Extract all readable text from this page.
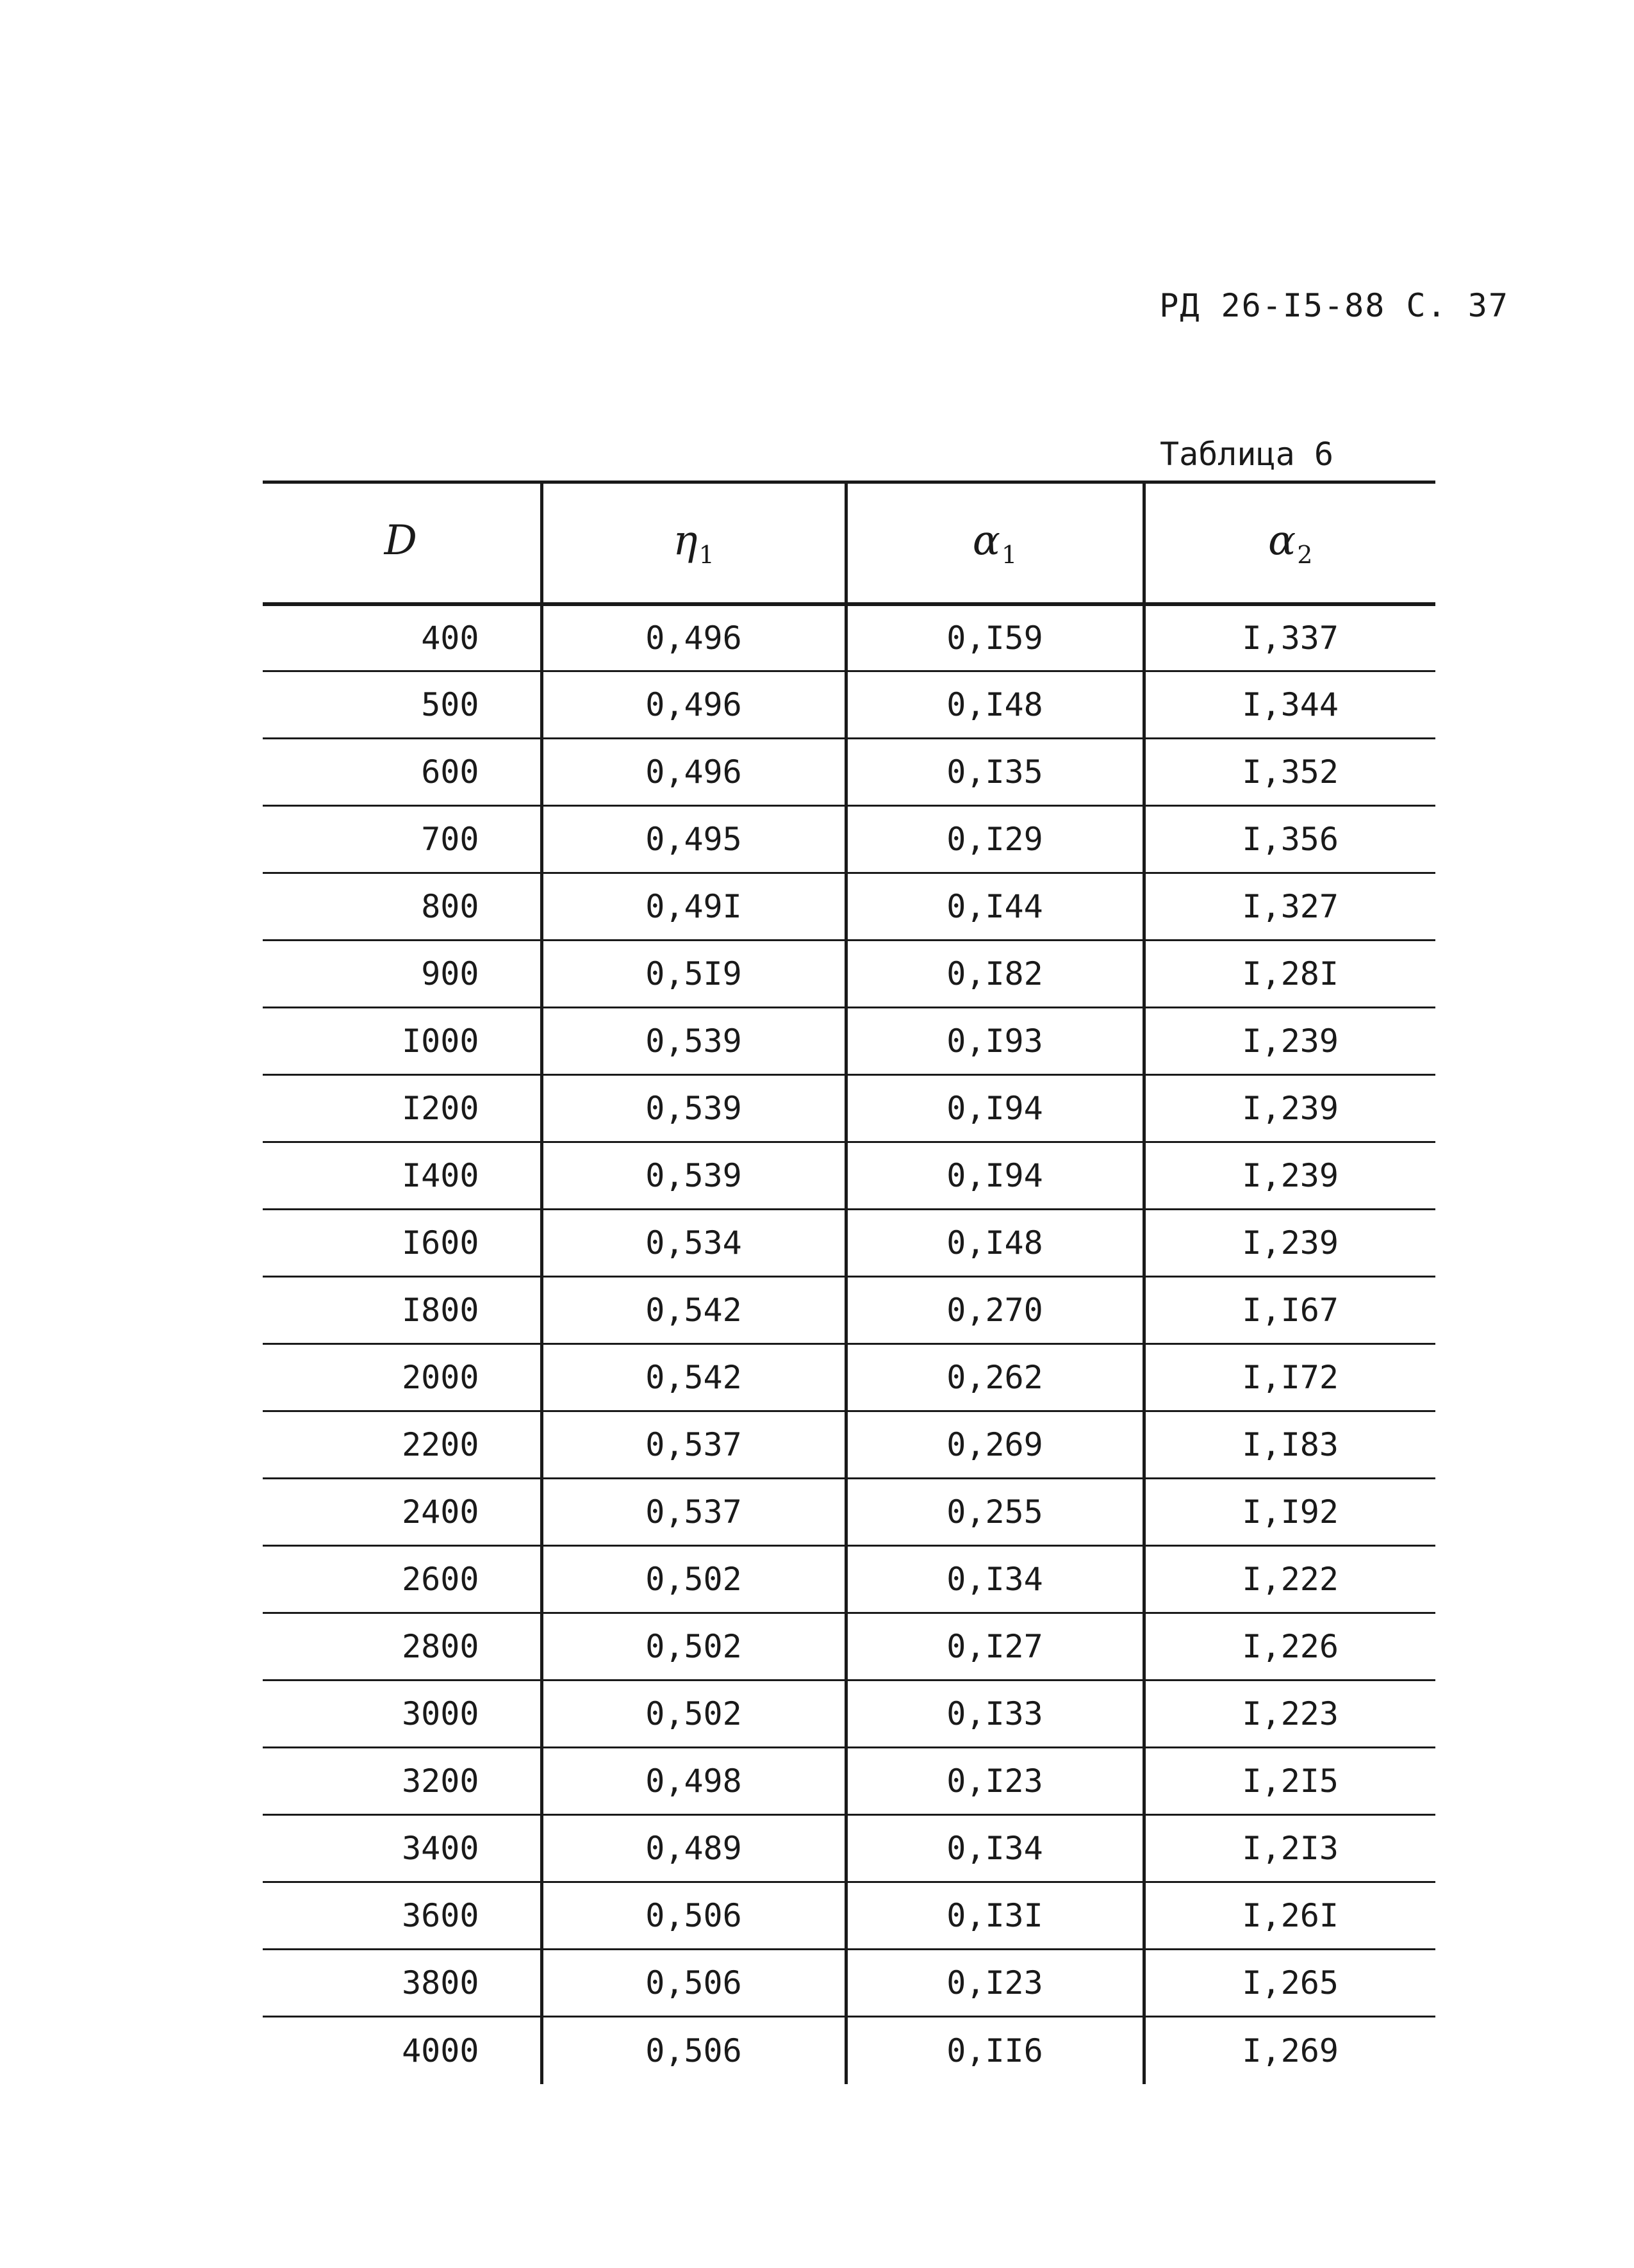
РД 26-I5-88 С. 37
Таблица 6
D	$\eta_1$	$\alpha_1$	$\alpha_2$
400	0,496	0,I59	I,337
500	0,496	0,I48	I,344
600	0,496	0,I35	I,352
700	0,495	0,I29	I,356
800	0,49I	0,I44	I,327
900	0,5I9	0,I82	I,28I
I000	0,539	0,I93	I,239
I200	0,539	0,I94	I,239
I400	0,539	0,I94	I,239
I600	0,534	0,I48	I,239
I800	0,542	0,270	I,I67
2000	0,542	0,262	I,I72
2200	0,537	0,269	I,I83
2400	0,537	0,255	I,I92
2600	0,502	0,I34	I,222
2800	0,502	0,I27	I,226
3000	0,502	0,I33	I,223
3200	0,498	0,I23	I,2I5
3400	0,489	0,I34	I,2I3
3600	0,506	0,I3I	I,26I
3800	0,506	0,I23	I,265
4000	0,506	0,II6	I,269
